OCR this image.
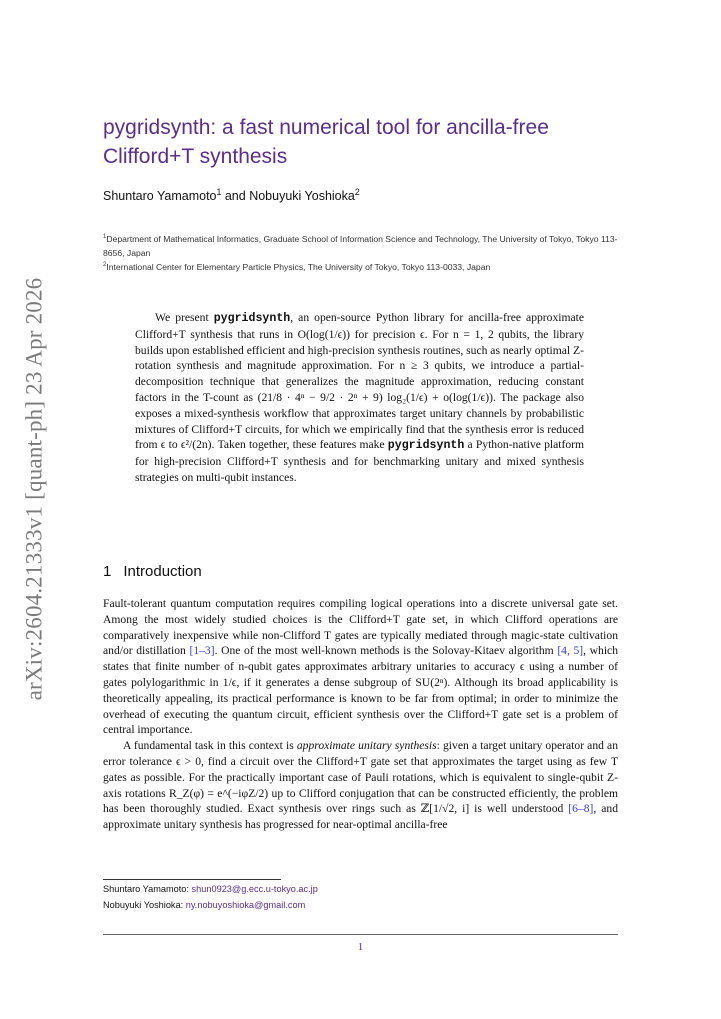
arXiv:2604.21333v1 [quant-ph] 23 Apr 2026
pygridsynth: a fast numerical tool for ancilla-free Clifford+T synthesis
Shuntaro Yamamoto$^1$ and Nobuyuki Yoshioka$^2$
$^1$Department of Mathematical Informatics, Graduate School of Information Science and Technology, The University of Tokyo, Tokyo 113-8656, Japan
$^2$International Center for Elementary Particle Physics, The University of Tokyo, Tokyo 113-0033, Japan
We present pygridsynth, an open-source Python library for ancilla-free approximate Clifford+T synthesis that runs in O(log(1/ϵ)) for precision ϵ. For n = 1, 2 qubits, the library builds upon established efficient and high-precision synthesis routines, such as nearly optimal Z-rotation synthesis and magnitude approximation. For n ≥ 3 qubits, we introduce a partial-decomposition technique that generalizes the magnitude approximation, reducing constant factors in the T-count as (21/8 · 4ⁿ − 9/2 · 2ⁿ + 9) log₂(1/ϵ) + o(log(1/ϵ)). The package also exposes a mixed-synthesis workflow that approximates target unitary channels by probabilistic mixtures of Clifford+T circuits, for which we empirically find that the synthesis error is reduced from ϵ to ϵ²/(2n). Taken together, these features make pygridsynth a Python-native platform for high-precision Clifford+T synthesis and for benchmarking unitary and mixed synthesis strategies on multi-qubit instances.
1 Introduction

Fault-tolerant quantum computation requires compiling logical operations into a discrete universal gate set. Among the most widely studied choices is the Clifford+T gate set, in which Clifford operations are comparatively inexpensive while non-Clifford T gates are typically mediated through magic-state cultivation and/or distillation [1–3]. One of the most well-known methods is the Solovay-Kitaev algorithm [4, 5], which states that finite number of n-qubit gates approximates arbitrary unitaries to accuracy ϵ using a number of gates polylogarithmic in 1/ϵ, if it generates a dense subgroup of SU(2ⁿ). Although its broad applicability is theoretically appealing, its practical performance is known to be far from optimal; in order to minimize the overhead of executing the quantum circuit, efficient synthesis over the Clifford+T gate set is a problem of central importance.

A fundamental task in this context is approximate unitary synthesis: given a target unitary operator and an error tolerance ϵ > 0, find a circuit over the Clifford+T gate set that approximates the target using as few T gates as possible. For the practically important case of Pauli rotations, which is equivalent to single-qubit Z-axis rotations R_Z(φ) = e^(−iφZ/2) up to Clifford conjugation that can be constructed efficiently, the problem has been thoroughly studied. Exact synthesis over rings such as ℤ[1/√2, i] is well understood [6–8], and approximate unitary synthesis has progressed for near-optimal ancilla-free

Shuntaro Yamamoto: shun0923@g.ecc.u-tokyo.ac.jp
Nobuyuki Yoshioka: ny.nobuyoshioka@gmail.com
1
